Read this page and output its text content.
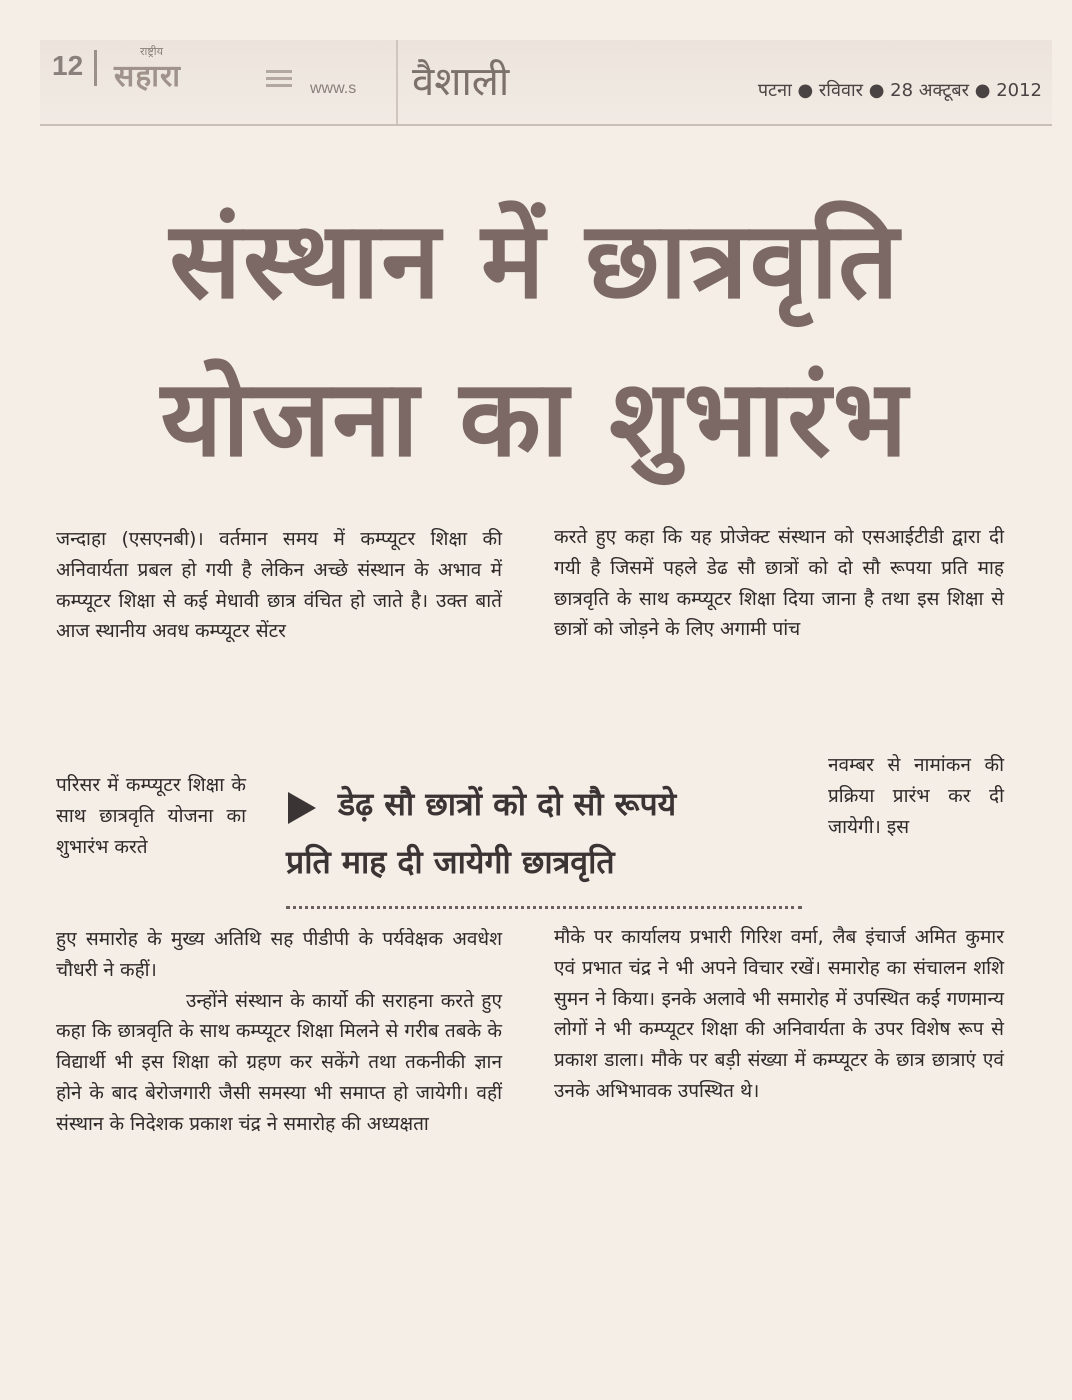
12	राष्ट्रीय
सहारा	www.s वैशाली	पटना ● रविवार ● 28 अक्टूबर ● 2012
संस्थान में छात्रवृति
योजना का शुभारंभ

जन्दाहा (एसएनबी)। वर्तमान समय में कम्प्यूटर शिक्षा की अनिवार्यता प्रबल हो गयी है लेकिन अच्छे संस्थान के अभाव में कम्प्यूटर शिक्षा से कई मेधावी छात्र वंचित हो जाते है। उक्त बातें आज स्थानीय अवध कम्प्यूटर सेंटर

परिसर में कम्प्यूटर शिक्षा के साथ छात्रवृति योजना का शुभारंभ करते

हुए समारोह के मुख्य अतिथि सह पीडीपी के पर्यवेक्षक अवधेश चौधरी ने कहीं।

उन्होंने संस्थान के कार्यो की सराहना करते हुए कहा कि छात्रवृति के साथ कम्प्यूटर शिक्षा मिलने से गरीब तबके के विद्यार्थी भी इस शिक्षा को ग्रहण कर सकेंगे तथा तकनीकी ज्ञान होने के बाद बेरोजगारी जैसी समस्या भी समाप्त हो जायेगी। वहीं संस्थान के निदेशक प्रकाश चंद्र ने समारोह की अध्यक्षता

डेढ़ सौ छात्रों को दो सौ रूपये
प्रति माह दी जायेगी छात्रवृति

करते हुए कहा कि यह प्रोजेक्ट संस्थान को एसआईटीडी द्वारा दी गयी है जिसमें पहले डेढ सौ छात्रों को दो सौ रूपया प्रति माह छात्रवृति के साथ कम्प्यूटर शिक्षा दिया जाना है तथा इस शिक्षा से छात्रों को जोड़ने के लिए अगामी पांच

नवम्बर से नामांकन की प्रक्रिया प्रारंभ कर दी जायेगी। इस

मौके पर कार्यालय प्रभारी गिरिश वर्मा, लैब इंचार्ज अमित कुमार एवं प्रभात चंद्र ने भी अपने विचार रखें। समारोह का संचालन शशि सुमन ने किया। इनके अलावे भी समारोह में उपस्थित कई गणमान्य लोगों ने भी कम्प्यूटर शिक्षा की अनिवार्यता के उपर विशेष रूप से प्रकाश डाला। मौके पर बड़ी संख्या में कम्प्यूटर के छात्र छात्राएं एवं उनके अभिभावक उपस्थित थे।
